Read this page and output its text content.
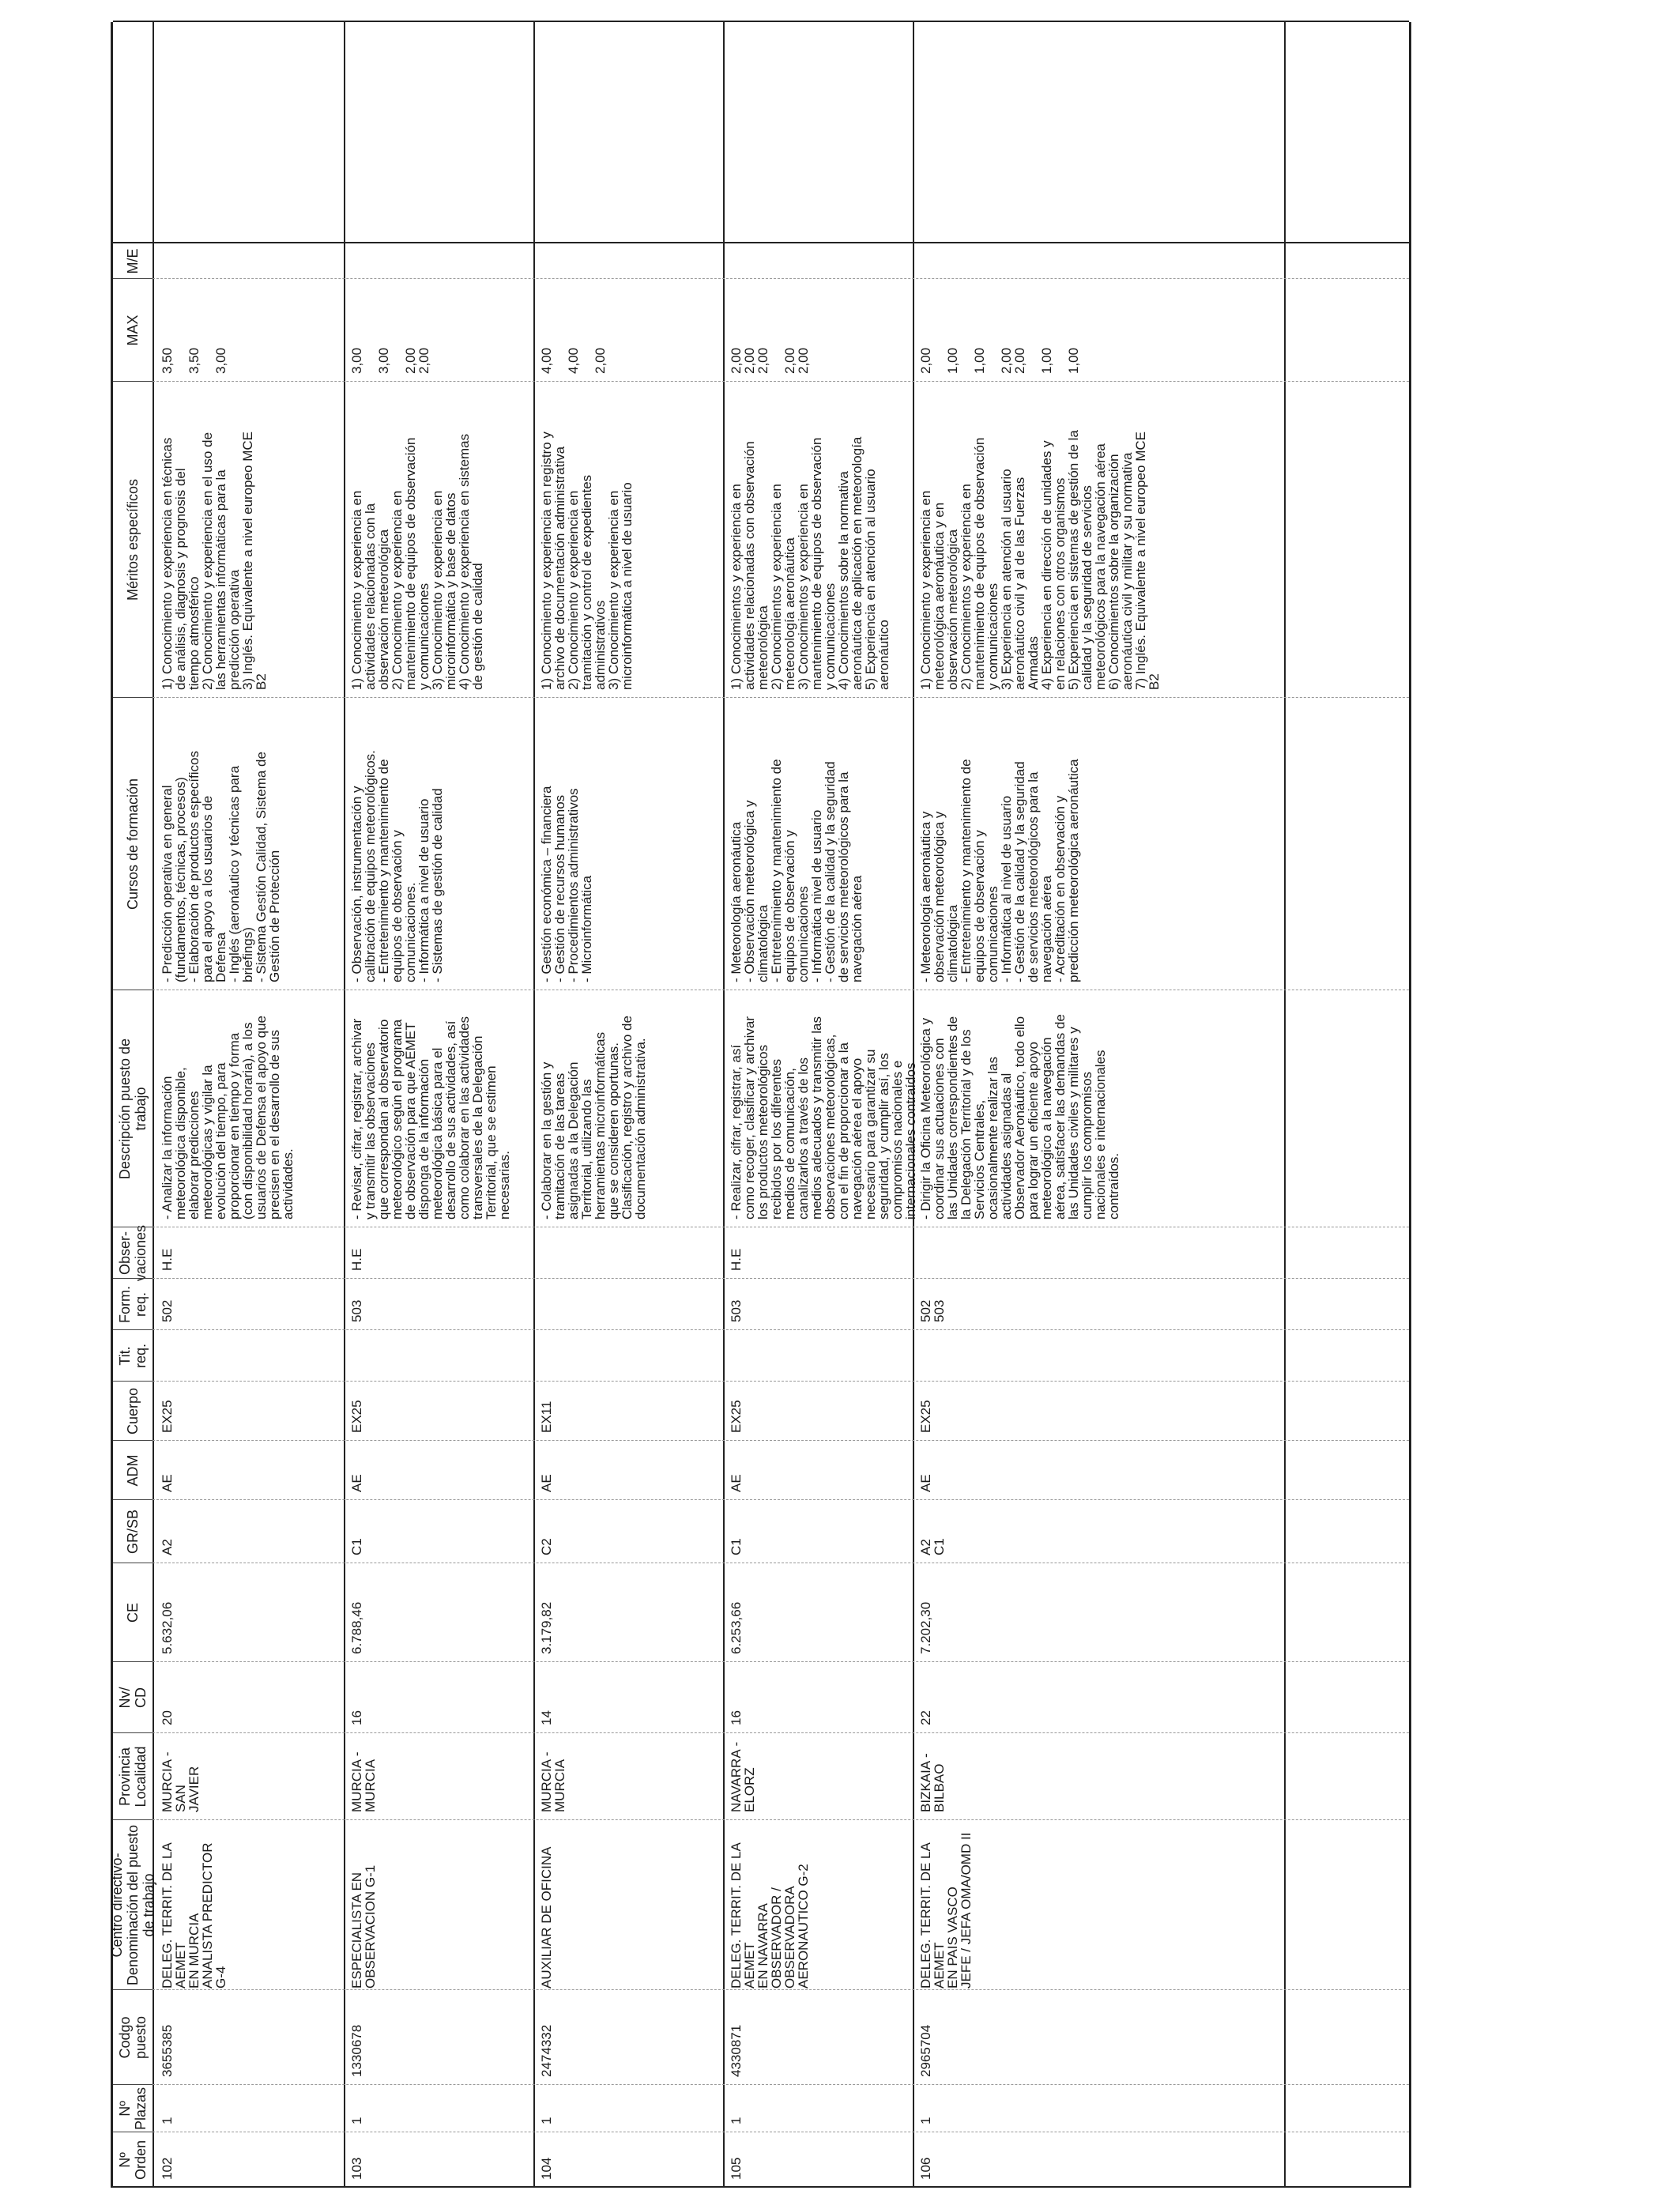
Nº
Orden
Nº
Plazas
Codgo
puesto
Centro directivo-
Denominación del puesto
de trabajo
Provincia
Localidad
Nv/
CD
CE
GR/SB
ADM
Cuerpo
Tit.
req.
Form.
req.
Obser-
vaciones
Descripción puesto de
trabajo
Cursos de formación
Méritos específicos
MAX
M/E
102
1
3655385
DELEG. TERRIT. DE LA AEMET
EN MURCIA
ANALISTA PREDICTOR G-4
MURCIA - SAN
JAVIER
20
5.632,06
A2
AE
EX25
502
H.E
- Analizar la información
meteorológica disponible,
elaborar predicciones
meteorológicas y vigilar la
evolución del tiempo, para
proporcionar en tiempo y forma
(con disponibilidad horaria), a los
usuarios de Defensa el apoyo que
precisen en el desarrollo de sus
actividades.
- Predicción operativa en general
(fundamentos, técnicas, procesos)
- Elaboración de productos específicos
para el apoyo a los usuarios de
Defensa
- Inglés (aeronáutico y técnicas para
briefings)
- Sistema Gestión Calidad, Sistema de
Gestión de Protección
1) Conocimiento y experiencia en técnicas
de análisis, diagnosis y prognosis del
tiempo atmosférico
2) Conocimiento y experiencia en el uso de
las herramientas informáticas para la
predicción operativa
3) Inglés. Equivalente a nivel europeo MCE
B2
3,50

3,50

3,00
103
1
1330678
ESPECIALISTA EN
OBSERVACION G-1
MURCIA -
MURCIA
16
6.788,46
C1
AE
EX25
503
H.E
- Revisar, cifrar, registrar, archivar
y transmitir las observaciones
que correspondan al observatorio
meteorológico según el programa
de observación para que AEMET
disponga de la información
meteorológica básica para el
desarrollo de sus actividades, así
como colaborar en las actividades
transversales de la Delegación
Territorial, que se estimen
necesarias.
- Observación, instrumentación y
calibración de equipos meteorológicos.
- Entretenimiento y mantenimiento de
equipos de observación y
comunicaciones.
- Informática a nivel de usuario
- Sistemas de gestión de calidad
1) Conocimiento y experiencia en
actividades relacionadas con la
observación meteorológica
2) Conocimiento y experiencia en
mantenimiento de equipos de observación
y comunicaciones
3) Conocimiento y experiencia en
microinformática y base de datos
4) Conocimiento y experiencia en sistemas
de gestión de calidad
3,00

3,00

2,00
2,00
104
1
2474332
AUXILIAR DE OFICINA
MURCIA -
MURCIA
14
3.179,82
C2
AE
EX11
- Colaborar en la gestión y
tramitación de las tareas
asignadas a la Delegación
Territorial, utilizando las
herramientas microinformáticas
que se consideren oportunas.
Clasificación, registro y archivo de
documentación administrativa.
- Gestión económica – financiera
- Gestión de recursos humanos
- Procedimientos administrativos
- Microinformática
1) Conocimiento y experiencia en registro y
archivo de documentación administrativa
2) Conocimiento y experiencia en
tramitación y control de expedientes
administrativos
3) Conocimiento y experiencia en
microinformática a nivel de usuario
4,00

4,00

2,00
105
1
4330871
DELEG. TERRIT. DE LA AEMET
EN NAVARRA
OBSERVADOR /
OBSERVADORA
AERONAUTICO G-2
NAVARRA -
ELORZ
16
6.253,66
C1
AE
EX25
503
H.E
- Realizar, cifrar, registrar, así
como recoger, clasificar y archivar
los productos meteorológicos
recibidos por los diferentes
medios de comunicación,
canalizarlos a través de los
medios adecuados y transmitir las
observaciones meteorológicas,
con el fin de proporcionar a la
navegación aérea el apoyo
necesario para garantizar su
seguridad, y cumplir así, los
compromisos nacionales e
internacionales contraídos
- Meteorología aeronáutica
- Observación meteorológica y
climatológica
- Entretenimiento y mantenimiento de
equipos de observación y
comunicaciones
- Informática nivel de usuario
- Gestión de la calidad y la seguridad
de servicios meteorológicos para la
navegación aérea
1) Conocimientos y experiencia en
actividades relacionadas con observación
meteorológica
2) Conocimientos y experiencia en
meteorología aeronáutica
3) Conocimientos y experiencia en
mantenimiento de equipos de observación
y comunicaciones
4) Conocimientos sobre la normativa
aeronáutica de aplicación en meteorología
5) Experiencia en atención al usuario
aeronáutico
2,00
2,00
2,00

2,00
2,00
106
1
2965704
DELEG. TERRIT. DE LA AEMET
EN PAIS VASCO
JEFE / JEFA OMA/OMD II
BIZKAIA -
BILBAO
22
7.202,30
A2
C1
AE
EX25
502
503
- Dirigir la Oficina Meteorológica y
coordinar sus actuaciones con
las Unidades correspondientes de
la Delegación Territorial y de los
Servicios Centrales,
ocasionalmente realizar las
actividades asignadas al
Observador Aeronáutico, todo ello
para lograr un eficiente apoyo
meteorológico a la navegación
aérea, satisfacer las demandas de
las Unidades civiles y militares y
cumplir los compromisos
nacionales e internacionales
contraídos.
- Meteorología aeronáutica y
observación meteorológica y
climatológica
- Entretenimiento y mantenimiento de
equipos de observación y
comunicaciones
- Informática al nivel de usuario
- Gestión de la calidad y la seguridad
de servicios meteorológicos para la
navegación aérea
- Acreditación en observación y
predicción meteorológica aeronáutica
1) Conocimiento y experiencia en
meteorológica aeronáutica y en
observación meteorológica
2) Conocimientos y experiencia en
mantenimiento de equipos de observación
y comunicaciones
3) Experiencia en atención al usuario
aeronáutico civil y al de las Fuerzas
Armadas
4) Experiencia en dirección de unidades y
en relaciones con otros organismos
5) Experiencia en sistemas de gestión de la
calidad y la seguridad de servicios
meteorológicos para la navegación aérea
6) Conocimientos sobre la organización
aeronáutica civil y militar y su normativa
7) Inglés. Equivalente a nivel europeo MCE
B2
2,00

1,00

1,00

2,00
2,00

1,00

1,00
